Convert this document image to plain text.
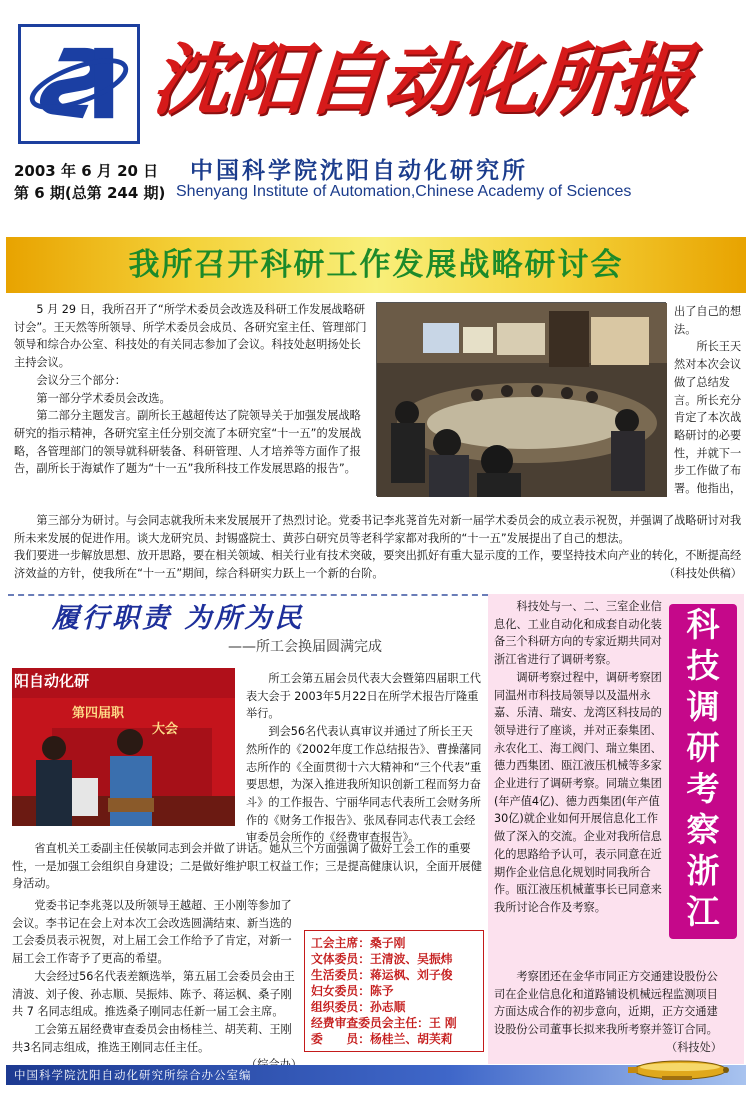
沈阳自动化所报
2003 年 6 月 20 日
第 6 期(总第 244 期)
中国科学院沈阳自动化研究所
Shenyang Institute of Automation,Chinese Academy of Sciences
我所召开科研工作发展战略研讨会

5 月 29 日，我所召开了“所学术委员会改选及科研工作发展战略研讨会”。王天然等所领导、所学术委员会成员、各研究室主任、管理部门领导和综合办公室、科技处的有关同志参加了会议。科技处赵明扬处长主持会议。

会议分三个部分：

第一部分学术委员会改选。

第二部分主题发言。副所长王越超传达了院领导关于加强发展战略研究的指示精神，各研究室主任分别交流了本研究室“十一五”的发展战略，各管理部门的领导就科研装备、科研管理、人才培养等方面作了报告，副所长于海斌作了题为“十一五”我所科技工作发展思路的报告”。

出了自己的想法。
所长王天然对本次会议做了总结发言。所长充分肯定了本次战略研讨的必要性，并就下一步工作做了布署。他指出，

第三部分为研讨。与会同志就我所未来发展展开了热烈讨论。党委书记李兆荛首先对新一届学术委员会的成立表示祝贺，并强调了战略研讨对我所未来发展的促进作用。谈大龙研究员、封锡盛院士、黄莎白研究员等老科学家都对我所的“十一五”发展提出了自己的想法。

我们要进一步解放思想、放开思路，要在相关领域、相关行业有技术突破，要突出抓好有重大显示度的工作，要坚持技术向产业的转化，不断提高经济效益的方针，使我所在“十一五”期间，综合科研实力跃上一个新的台阶。	（科技处供稿）
履行职责 为所为民
——所工会换届圆满完成
阳自动化研
第四届职
大会

所工会第五届会员代表大会暨第四届职工代表大会于 2003年5月22日在所学术报告厅隆重举行。

到会56名代表认真审议并通过了所长王天然所作的《2002年度工作总结报告》、曹操藩同志所作的《全面贯彻十六大精神和“三个代表”重要思想，为深入推进我所知识创新工程而努力奋斗》的工作报告、宁丽华同志代表所工会财务所作的《财务工作报告》、张凤春同志代表工会经审委员会所作的《经费审查报告》。

省直机关工委副主任侯敏同志到会并做了讲话。她从三个方面强调了做好工会工作的重要性，一是加强工会组织自身建设；二是做好维护职工权益工作；三是提高健康认识，全面开展健身活动。

党委书记李兆荛以及所领导王越超、王小刚等参加了会议。李书记在会上对本次工会改选圆满结束、新当选的工会委员表示祝贺，对上届工会工作给予了肯定，对新一届工会工作寄予了更高的希望。

大会经过56名代表差额选举，第五届工会委员会由王清波、刘子俊、孙志顺、吴振炜、陈予、蒋运枫、桑子刚共 7 名同志组成。推选桑子刚同志任新一届工会主席。

工会第五届经费审查委员会由杨桂兰、胡芙莉、王刚共3名同志组成，推选王刚同志任主任。

工会主席：桑子刚
文体委员：王清波、吴振炜
生活委员：蒋运枫、刘子俊
妇女委员：陈予
组织委员：孙志顺
经费审查委员会主任：王 刚
委　　员：杨桂兰、胡芙莉

科技处与一、二、三室企业信息化、工业自动化和成套自动化装备三个科研方向的专家近期共同对浙江省进行了调研考察。

调研考察过程中，调研考察团同温州市科技局领导以及温州永嘉、乐清、瑞安、龙湾区科技局的领导进行了座谈，并对正泰集团、永农化工、海工阀门、瑞立集团、德力西集团、瓯江液压机械等多家企业进行了调研考察。同瑞立集团(年产值4亿)、德力西集团(年产值30亿)就企业如何开展信息化工作做了深入的交流。企业对我所信息化的思路给予认可，表示同意在近期作企业信息化规划时同我所合作。瓯江液压机械董事长已同意来我所讨论合作及考察。

考察团还在金华市同正方交通建设股份公司在企业信息化和道路铺设机械远程监测项目方面达成合作的初步意向，近期，正方交通建设股份公司董事长拟来我所考察并签订合同。

（科技处）
科
技
调
研
考
察
浙
江
中国科学院沈阳自动化研究所综合办公室编
